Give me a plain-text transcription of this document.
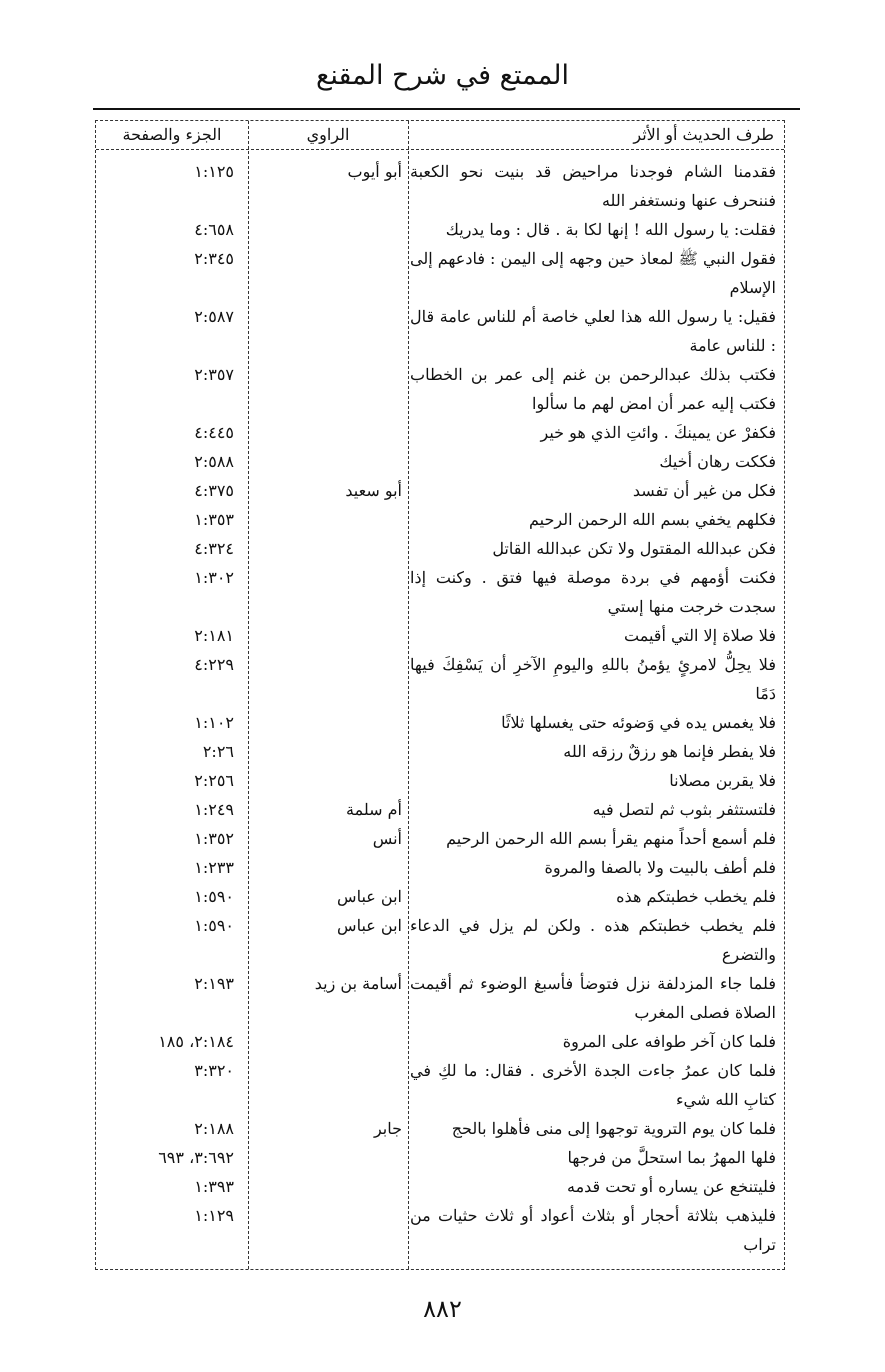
الممتع في شرح المقنع
طرف الحديث أو الأثر
الراوي
الجزء والصفحة
فقدمنا الشام فوجدنا مراحيض قد بنيت نحو الكعبة فننحرف عنها ونستغفر الله
أبو أيوب
١:١٢٥
فقلت: يا رسول الله ! إنها لكا بة . قال : وما يدريك
٤:٦٥٨
فقول النبي ﷺ لمعاذ حين وجهه إلى اليمن : فادعهم إلى الإسلام
٢:٣٤٥
فقيل: يا رسول الله هذا لعلي خاصة أم للناس عامة قال : للناس عامة
٢:٥٨٧
فكتب بذلك عبدالرحمن بن غنم إلى عمر بن الخطاب فكتب إليه عمر أن امض لهم ما سألوا
٢:٣٥٧
فكفرْ عن يمينكَ . وائتِ الذي هو خير
٤:٤٤٥
فككت رهان أخيك
٢:٥٨٨
فكل من غير أن تفسد
أبو سعيد
٤:٣٧٥
فكلهم يخفي بسم الله الرحمن الرحيم
١:٣٥٣
فكن عبدالله المقتول ولا تكن عبدالله القاتل
٤:٣٢٤
فكنت أؤمهم في بردة موصلة فيها فتق . وكنت إذا سجدت خرجت منها إستي
١:٣٠٢
فلا صلاة إلا التي أقيمت
٢:١٨١
فلا يحِلُّ لامرئٍ يؤمنُ باللهِ واليومِ الآخرِ أن يَسْفِكَ فيها دَمًا
٤:٢٢٩
فلا يغمس يده في وَضوئه حتى يغسلها ثلاثًا
١:١٠٢
فلا يفطر فإنما هو رزقٌ رزقه الله
٢:٢٦
فلا يقربن مصلانا
٢:٢٥٦
فلتستثفر بثوب ثم لتصل فيه
أم سلمة
١:٢٤٩
فلم أسمع أحداً منهم يقرأ بسم الله الرحمن الرحيم
أنس
١:٣٥٢
فلم أطف بالبيت ولا بالصفا والمروة
١:٢٣٣
فلم يخطب خطبتكم هذه
ابن عباس
١:٥٩٠
فلم يخطب خطبتكم هذه . ولكن لم يزل في الدعاء والتضرع
ابن عباس
١:٥٩٠
فلما جاء المزدلفة نزل فتوضأ فأسبغ الوضوء ثم أقيمت الصلاة فصلى المغرب
أسامة بن زيد
٢:١٩٣
فلما كان آخر طوافه على المروة
٢:١٨٤، ١٨٥
فلما كان عمرُ جاءت الجدة الأخرى . فقال: ما لكِ في كتابِ الله شيء
٣:٣٢٠
فلما كان يوم التروية توجهوا إلى منى فأهلوا بالحج
جابر
٢:١٨٨
فلها المهرُ بما استحلَّ من فرجها
٣:٦٩٢، ٦٩٣
فليتنخع عن يساره أو تحت قدمه
١:٣٩٣
فليذهب بثلاثة أحجار أو بثلاث أعواد أو ثلاث حثيات من تراب
١:١٢٩
٨٨٢
